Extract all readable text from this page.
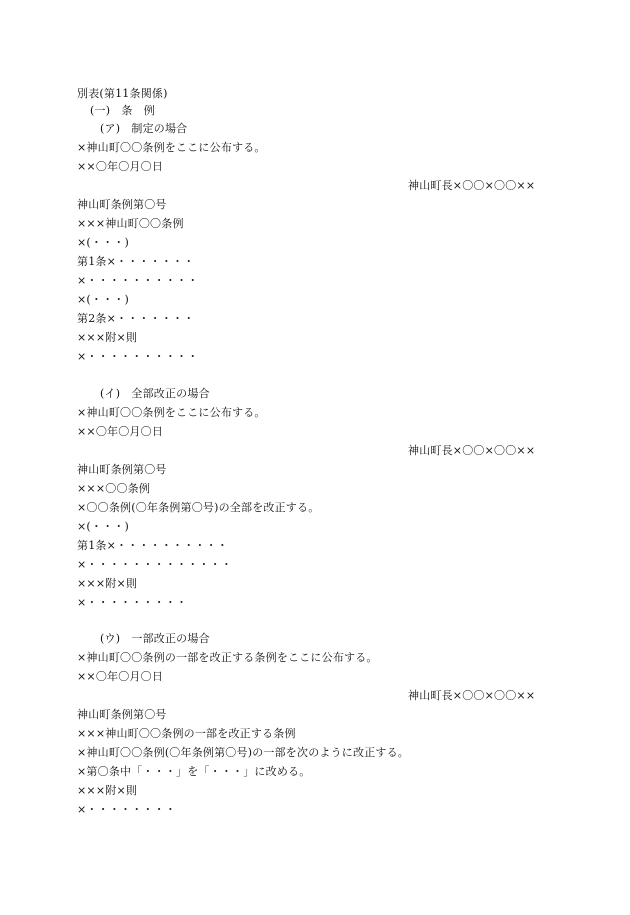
別表(第11条関係)
(一)　条　例
(ア)　制定の場合
×神山町〇〇条例をここに公布する。
××〇年〇月〇日
神山町長×〇〇×〇〇××
神山町条例第〇号
×××神山町〇〇条例
×(・・・)
第1条×・・・・・・・
×・・・・・・・・・・
×(・・・)
第2条×・・・・・・・
×××附×則
×・・・・・・・・・・
(イ)　全部改正の場合
×神山町〇〇条例をここに公布する。
××〇年〇月〇日
神山町長×〇〇×〇〇××
神山町条例第〇号
×××〇〇条例
×〇〇条例(〇年条例第〇号)の全部を改正する。
×(・・・)
第1条×・・・・・・・・・・
×・・・・・・・・・・・・・
×××附×則
×・・・・・・・・・
(ウ)　一部改正の場合
×神山町〇〇条例の一部を改正する条例をここに公布する。
××〇年〇月〇日
神山町長×〇〇×〇〇××
神山町条例第〇号
×××神山町〇〇条例の一部を改正する条例
×神山町〇〇条例(〇年条例第〇号)の一部を次のように改正する。
×第〇条中「・・・」を「・・・」に改める。
×××附×則
×・・・・・・・・
